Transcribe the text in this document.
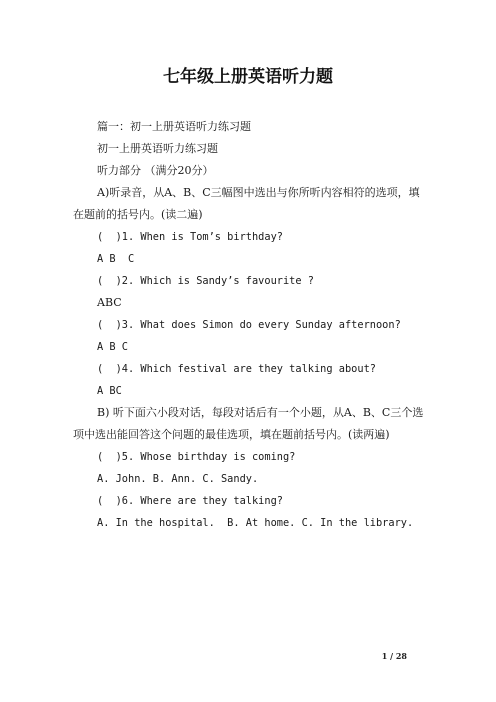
七年级上册英语听力题
篇一：初一上册英语听力练习题
初一上册英语听力练习题
听力部分 （满分20分）
A)听录音，从A、B、C三幅图中选出与你所听内容相符的选项，填在题前的括号内。(读二遍)
(  )1. When is Tom’s birthday?
A B  C
(  )2. Which is Sandy’s favourite ?
ABC
(  )3. What does Simon do every Sunday afternoon?
A B C
(  )4. Which festival are they talking about?
A BC
B) 听下面六小段对话，每段对话后有一个小题，从A、B、C三个选项中选出能回答这个问题的最佳选项，填在题前括号内。(读两遍)
(  )5. Whose birthday is coming?
A. John. B. Ann. C. Sandy.
(  )6. Where are they talking?
A. In the hospital.  B. At home. C. In the library.
1 / 28
